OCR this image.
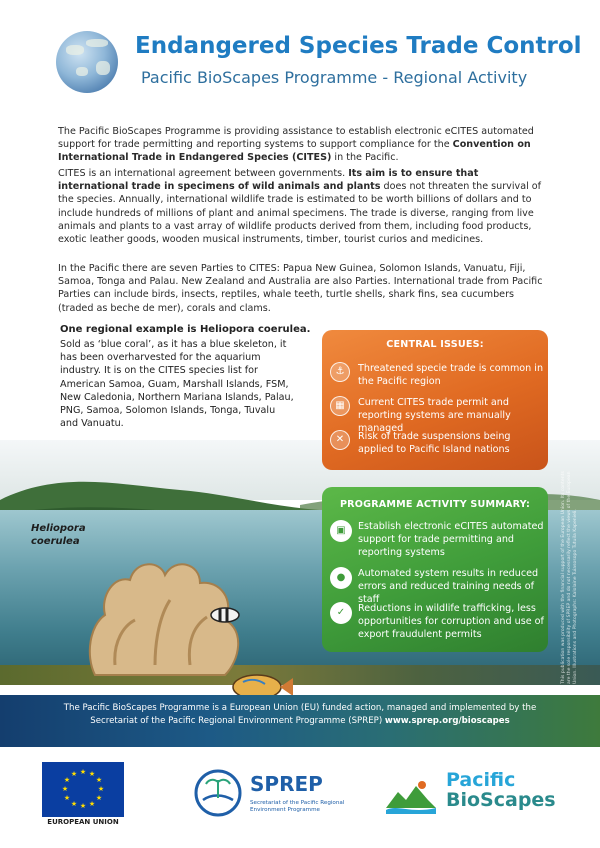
Endangered Species Trade Control
Pacific BioScapes Programme - Regional Activity
The Pacific BioScapes Programme is providing assistance to establish electronic eCITES automated support for trade permitting and reporting systems to support compliance for the Convention on International Trade in Endangered Species (CITES) in the Pacific.
CITES is an international agreement between governments. Its aim is to ensure that international trade in specimens of wild animals and plants does not threaten the survival of the species. Annually, international wildlife trade is estimated to be worth billions of dollars and to include hundreds of millions of plant and animal specimens. The trade is diverse, ranging from live animals and plants to a vast array of wildlife products derived from them, including food products, exotic leather goods, wooden musical instruments, timber, tourist curios and medicines.
In the Pacific there are seven Parties to CITES: Papua New Guinea, Solomon Islands, Vanuatu, Fiji, Samoa, Tonga and Palau. New Zealand and Australia are also Parties. International trade from Pacific Parties can include birds, insects, reptiles, whale teeth, turtle shells, shark fins, sea cucumbers (traded as beche de mer), corals and clams.
One regional example is Heliopora coerulea.
Sold as ‘blue coral’, as it has a blue skeleton, it has been overharvested for the aquarium industry. It is on the CITES species list for American Samoa, Guam, Marshall Islands, FSM, New Caledonia, Northern Mariana Islands, Palau, PNG, Samoa, Solomon Islands, Tonga, Tuvalu and Vanuatu.
CENTRAL ISSUES:
⚓	Threatened specie trade is common in the Pacific region
▦	Current CITES trade permit and reporting systems are manually managed
✕	Risk of trade suspensions being applied to Pacific Island nations
PROGRAMME ACTIVITY SUMMARY:
▣	Establish electronic eCITES automated support for trade permitting and reporting systems
●	Automated system results in reduced errors and reduced training needs of staff
✓	Reductions in wildlife trafficking, less opportunities for corruption and use of export fraudulent permits	This publication was produced with the financial support of the European Union. Its contents are the sole responsibility of SPREP and do not necessarily reflect the views of the European Union. Illustrations and Photographs: Kalolaine Tuiasosopo Tutuila Kapenieli.
Heliopora
coerulea
The Pacific BioScapes Programme is a European Union (EU) funded action, managed and implemented by the Secretariat of the Pacific Regional Environment Programme (SPREP) www.sprep.org/bioscapes
★ ★
★
★
★
★
★
★
★
★
★
★
EUROPEAN UNION
SPREP
Secretariat of the Pacific Regional Environment Programme
Pacific
BioScapes
